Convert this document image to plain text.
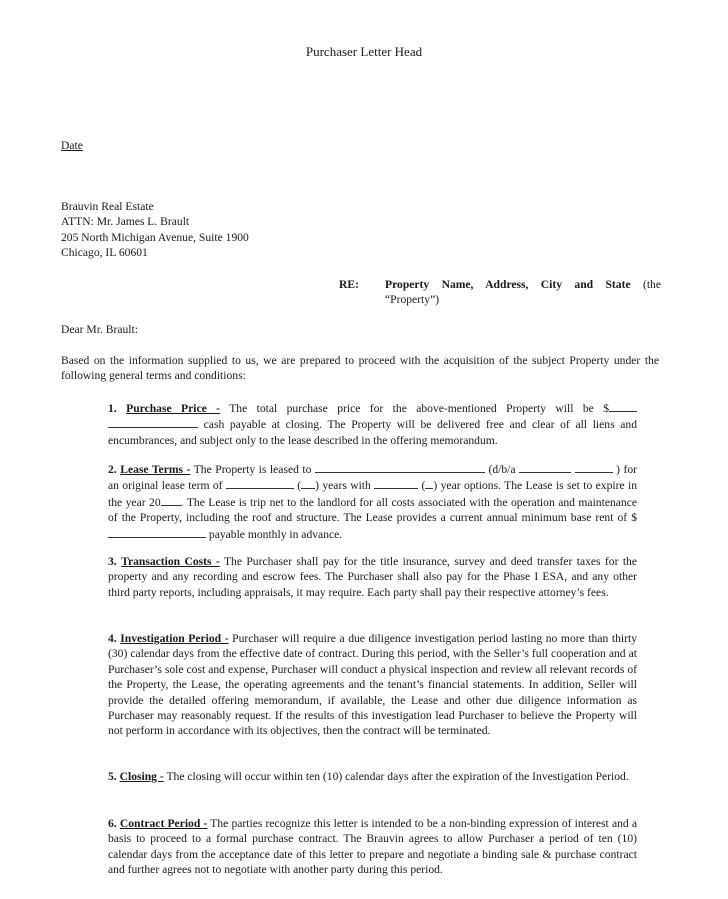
Purchaser Letter Head
Date
Brauvin Real Estate
ATTN: Mr. James L. Brault
205 North Michigan Avenue, Suite 1900
Chicago, IL 60601
RE: Property Name, Address, City and State (the “Property”)
Dear Mr. Brault:
Based on the information supplied to us, we are prepared to proceed with the acquisition of the subject Property under the following general terms and conditions:
1. Purchase Price - The total purchase price for the above-mentioned Property will be $  cash payable at closing. The Property will be delivered free and clear of all liens and encumbrances, and subject only to the lease described in the offering memorandum.
2. Lease Terms - The Property is leased to	(d/b/a	) for an original lease term of	( ) years with	( ) year options. The Lease is set to expire in the year 20 . The Lease is trip net to the landlord for all costs associated with the operation and maintenance of the Property, including the roof and structure. The Lease provides a current annual minimum base rent of $ payable monthly in advance.
3. Transaction Costs - The Purchaser shall pay for the title insurance, survey and deed transfer taxes for the property and any recording and escrow fees. The Purchaser shall also pay for the Phase I ESA, and any other third party reports, including appraisals, it may require. Each party shall pay their respective attorney’s fees.
4. Investigation Period - Purchaser will require a due diligence investigation period lasting no more than thirty (30) calendar days from the effective date of contract. During this period, with the Seller’s full cooperation and at Purchaser’s sole cost and expense, Purchaser will conduct a physical inspection and review all relevant records of the Property, the Lease, the operating agreements and the tenant’s financial statements. In addition, Seller will provide the detailed offering memorandum, if available, the Lease and other due diligence information as Purchaser may reasonably request. If the results of this investigation lead Purchaser to believe the Property will not perform in accordance with its objectives, then the contract will be terminated.
5. Closing - The closing will occur within ten (10) calendar days after the expiration of the Investigation Period.
6. Contract Period - The parties recognize this letter is intended to be a non-binding expression of interest and a basis to proceed to a formal purchase contract. The Brauvin agrees to allow Purchaser a period of ten (10) calendar days from the acceptance date of this letter to prepare and negotiate a binding sale & purchase contract and further agrees not to negotiate with another party during this period.
